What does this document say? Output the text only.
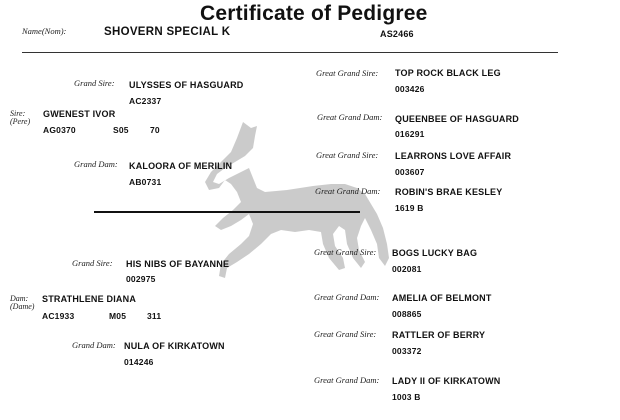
Certificate of Pedigree
Name(Nom):	SHOVERN SPECIAL K	AS2466
Grand Sire: ULYSSES OF HASGUARD
AC2337
Sire:
(Pere)
GWENEST IVOR
AG0370	S05	70
Grand Dam: KALOORA OF MERILIN
AB0731
Grand Sire: HIS NIBS OF BAYANNE
002975
Dam:
(Dame)
STRATHLENE DIANA
AC1933	M05 311
Grand Dam: NULA OF KIRKATOWN
014246
Great Grand Sire: TOP ROCK BLACK LEG
003426
Great Grand Dam: QUEENBEE OF HASGUARD
016291
Great Grand Sire: LEARRONS LOVE AFFAIR
003607
Great Grand Dam: ROBIN'S BRAE KESLEY
1619 B
Great Grand Sire: BOGS LUCKY BAG
002081
Great Grand Dam: AMELIA OF BELMONT
008865
Great Grand Sire: RATTLER OF BERRY
003372
Great Grand Dam: LADY II OF KIRKATOWN
1003 B
